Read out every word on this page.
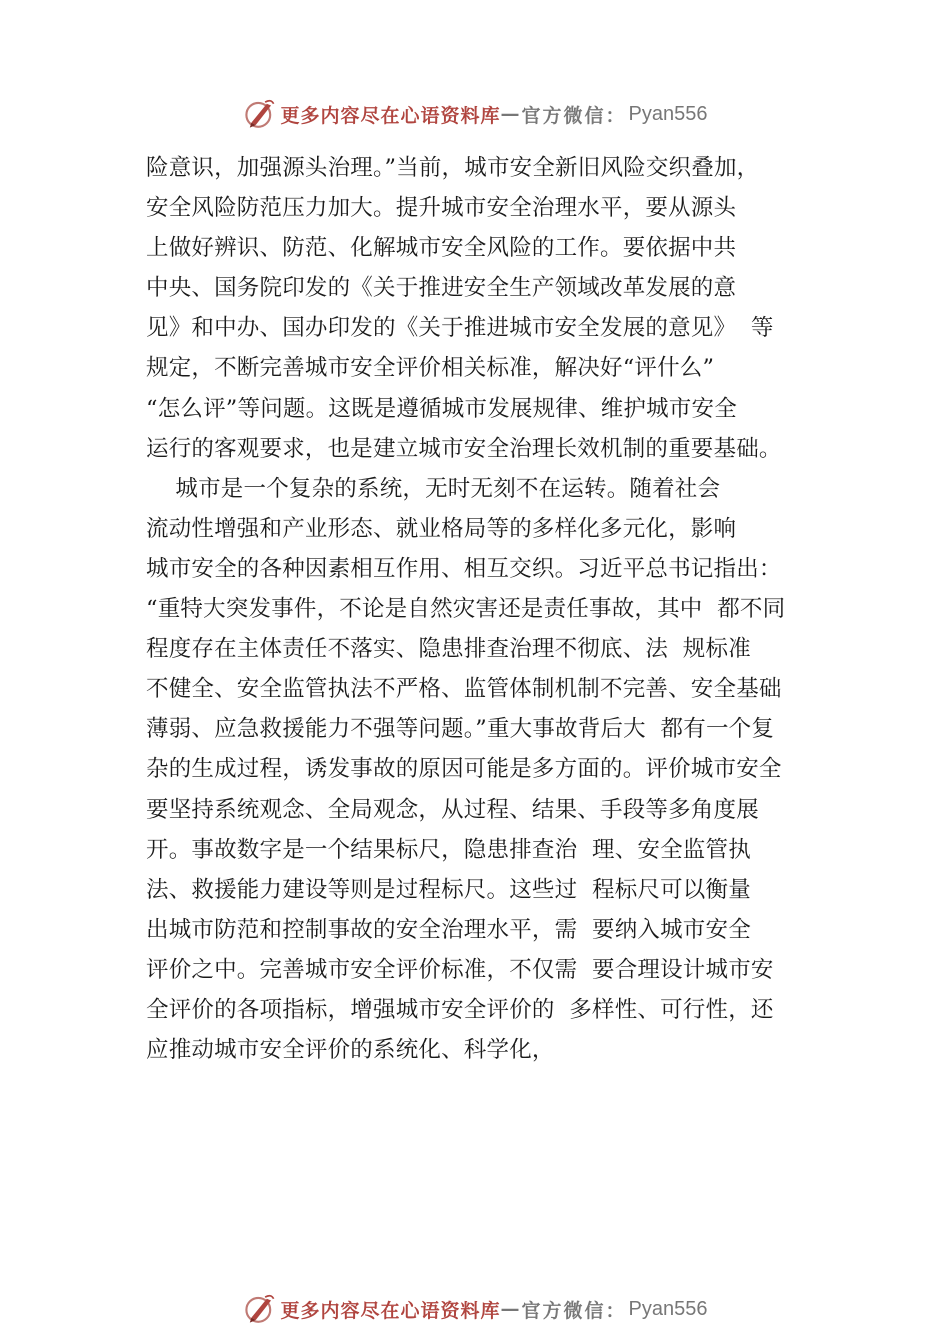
更多内容尽在心语资料库 — 官方微信： Pyan556
险意识，加强源头治理。”当前，城市安全新旧风险交织叠加，
安全风险防范压力加大。提升城市安全治理水平，要从源头
上做好辨识、防范、化解城市安全风险的工作。要依据中共
中央、国务院印发的《关于推进安全生产领域改革发展的意
见》和中办、国办印发的《关于推进城市安全发展的意见》  等
规定，不断完善城市安全评价相关标准，解决好“评什么”
“怎么评”等问题。这既是遵循城市发展规律、维护城市安全
运行的客观要求，也是建立城市安全治理长效机制的重要基础。
城市是一个复杂的系统，无时无刻不在运转。随着社会
流动性增强和产业形态、就业格局等的多样化多元化，影响
城市安全的各种因素相互作用、相互交织。习近平总书记指出：
“重特大突发事件，不论是自然灾害还是责任事故，其中  都不同
程度存在主体责任不落实、隐患排查治理不彻底、法  规标准
不健全、安全监管执法不严格、监管体制机制不完善、安全基础
薄弱、应急救援能力不强等问题。”重大事故背后大  都有一个复
杂的生成过程，诱发事故的原因可能是多方面的。评价城市安全
要坚持系统观念、全局观念，从过程、结果、手段等多角度展
开。事故数字是一个结果标尺，隐患排查治  理、安全监管执
法、救援能力建设等则是过程标尺。这些过  程标尺可以衡量
出城市防范和控制事故的安全治理水平，需  要纳入城市安全
评价之中。完善城市安全评价标准，不仅需  要合理设计城市安
全评价的各项指标，增强城市安全评价的  多样性、可行性，还
应推动城市安全评价的系统化、科学化，
更多内容尽在心语资料库 — 官方微信： Pyan556
